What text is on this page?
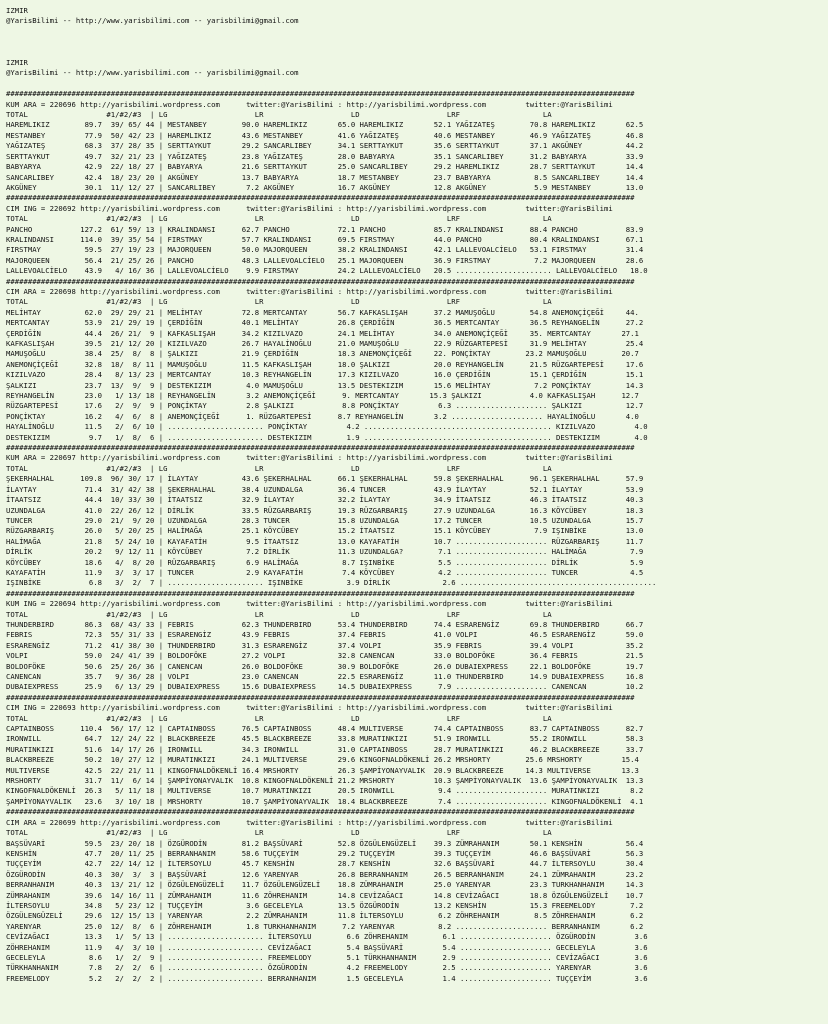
IZMIR
@YarisBilimi -- http://www.yarisbilimi.com -- yarisbilimi@gmail.com
IZMIR
@YarisBilimi -- http://www.yarisbilimi.com -- yarisbilimi@gmail.com
################################################################################################################################################
KUM ARA = 220696 http://yarisbilimi.wordpress.com      twitter:@YarisBilimi : http://yarisbilimi.wordpress.com         twitter:@YarisBilimi
TOTAL                  #1/#2/#3  | LG                    LR                    LD                    LRF                   LA
HAREMLIKIZ        89.7  39/ 65/ 44 | MESTANBEY        90.0 HAREMLIKIZ       65.0 HAREMLIKIZ       52.1 YAĞIZATEŞ        70.8 HAREMLIKIZ       62.5
MESTANBEY         77.9  50/ 42/ 23 | HAREMLIKIZ       43.6 MESTANBEY        41.6 YAĞIZATEŞ        40.6 MESTANBEY        46.9 YAĞIZATEŞ        46.8
YAĞIZATEŞ         68.3  37/ 28/ 35 | SERTTAYKUT       29.2 SANCARLIBEY      34.1 SERTTAYKUT       35.6 SERTTAYKUT       37.1 AKGÜNEY          44.2
SERTTAYKUT        49.7  32/ 21/ 23 | YAĞIZATEŞ        23.8 YAĞIZATEŞ        28.0 BABYARYA         35.1 SANCARLIBEY      31.2 BABYARYA         33.9
BABYARYA          42.9  22/ 18/ 27 | BABYARYA         21.6 SERTTAYKUT       25.0 SANCARLIBEY      29.2 HAREMLIKIZ       28.7 SERTTAYKUT       14.4
SANCARLIBEY       42.4  18/ 23/ 20 | AKGÜNEY          13.7 BABYARYA         18.7 MESTANBEY        23.7 BABYARYA          8.5 SANCARLIBEY      14.4
AKGÜNEY           30.1  11/ 12/ 27 | SANCARLIBEY       7.2 AKGÜNEY          16.7 AKGÜNEY          12.8 AKGÜNEY           5.9 MESTANBEY        13.0
################################################################################################################################################
CIM ING = 220692 http://yarisbilimi.wordpress.com      twitter:@YarisBilimi : http://yarisbilimi.wordpress.com         twitter:@YarisBilimi
TOTAL                  #1/#2/#3  | LG                    LR                    LD                    LRF                   LA
PANCHO           127.2  61/ 59/ 13 | KRALINDANSI      62.7 PANCHO           72.1 PANCHO           85.7 KRALINDANSI      88.4 PANCHO           83.9
KRALINDANSI      114.0  39/ 35/ 54 | FIRSTMAY         57.7 KRALINDANSI      69.5 FIRSTMAY         44.0 PANCHO           80.4 KRALINDANSI      67.1
FIRSTMAY          59.5  27/ 19/ 23 | MAJORQUEEN       50.0 MAJORQUEEN       38.2 KRALINDANSI      42.1 LALLEVOALCİELO   53.1 FIRSTMAY         31.4
MAJORQUEEN        56.4  21/ 25/ 26 | PANCHO           48.3 LALLEVOALCİELO   25.1 MAJORQUEEN       36.9 FIRSTMAY          7.2 MAJORQUEEN       28.6
LALLEVOALCİELO    43.9   4/ 16/ 36 | LALLEVOALCİELO    9.9 FIRSTMAY         24.2 LALLEVOALCİELO   20.5 ...................... LALLEVOALCİELO   18.0
################################################################################################################################################
CIM ARA = 220698 http://yarisbilimi.wordpress.com      twitter:@YarisBilimi : http://yarisbilimi.wordpress.com         twitter:@YarisBilimi
TOTAL                  #1/#2/#3  | LG                    LR                    LD                    LRF                   LA
MELİHTAY          62.0  29/ 29/ 21 | MELİHTAY         72.8 MERTCANTAY       56.7 KAFKASLIŞAH      37.2 MAMUŞOĞLU        54.8 ANEMONÇİÇEĞİ     44.
MERTCANTAY        53.9  21/ 29/ 19 | ÇERDİĞİN         40.1 MELİHTAY         26.8 ÇERDİĞİN         36.5 MERTCANTAY       36.5 REYHANGELİN      27.2
ÇERDİĞİN          44.4  26/ 21/  9 | KAFKASLIŞAH      34.2 KIZILVAZO        24.1 MELİHTAY         34.0 ANEMONÇİÇEĞİ     35. MERTCANTAY       27.1
KAFKASLIŞAH       39.5  21/ 12/ 20 | KIZILVAZO        26.7 HAYALİNOĞLU      21.0 MAMUŞOĞLU        22.9 RÜZGARTEPESİ     31.9 MELİHTAY         25.4
MAMUŞOĞLU         38.4  25/  8/  8 | ŞALKIZI          21.9 ÇERDİĞİN         18.3 ANEMONÇİÇEĞİ     22. PONÇİKTAY        23.2 MAMUŞOĞLU        20.7
ANEMONÇİÇEĞİ      32.8  18/  8/ 11 | MAMUŞOĞLU        11.5 KAFKASLIŞAH      18.0 ŞALKIZI          20.0 REYHANGELİN      21.5 RÜZGARTEPESİ     17.6
KIZILVAZO         28.4   8/ 13/ 23 | MERTCANTAY       10.3 REYHANGELİN      17.3 KIZILVAZO        16.0 ÇERDİĞİN         15.1 ÇERDİĞİN         15.1
ŞALKIZI           23.7  13/  9/  9 | DESTEKIZIM        4.0 MAMUŞOĞLU        13.5 DESTEKIZIM       15.6 MELİHTAY          7.2 PONÇİKTAY        14.3
REYHANGELİN       23.0   1/ 13/ 18 | REYHANGELİN       3.2 ANEMONÇİÇEĞİ      9. MERTCANTAY       15.3 ŞALKIZI           4.0 KAFKASLIŞAH      12.7
RÜZGARTEPESİ      17.6   2/  9/  9 | PONÇİKTAY         2.8 ŞALKIZI           8.8 PONÇİKTAY         6.3 ..................... ŞALKIZI          12.7
PONÇİKTAY         16.2   4/  6/  8 | ANEMONÇİÇEĞİ      1. RÜZGARTEPESİ      8.7 REYHANGELİN       3.2 ..................... HAYALİNOĞLU       4.0
HAYALİNOĞLU       11.5   2/  6/ 10 | ...................... PONÇİKTAY         4.2 ........................................... KIZILVAZO         4.0
DESTEKIZIM         9.7   1/  8/  6 | ...................... DESTEKIZIM        1.9 ........................................... DESTEKIZIM        4.0
################################################################################################################################################
KUM ARA = 220697 http://yarisbilimi.wordpress.com      twitter:@YarisBilimi : http://yarisbilimi.wordpress.com         twitter:@YarisBilimi
TOTAL                  #1/#2/#3  | LG                    LR                    LD                    LRF                   LA
ŞEKERHALHAL      109.8  96/ 30/ 17 | İLAYTAY          43.6 ŞEKERHALHAL      66.1 ŞEKERHALHAL      59.8 ŞEKERHALHAL      96.1 ŞEKERHALHAL      57.9
İLAYTAY           71.4  31/ 42/ 38 | ŞEKERHALHAL      38.4 UZUNDALGA        36.4 TUNCER           43.9 İLAYTAY          52.1 İLAYTAY          53.9
İTAATSIZ          44.4  10/ 33/ 30 | İTAATSIZ         32.9 İLAYTAY          32.2 İLAYTAY          34.9 İTAATSIZ         46.3 İTAATSIZ         40.3
UZUNDALGA         41.0  22/ 26/ 12 | DİRLİK           33.5 RÜZGARBARIŞ      19.3 RÜZGARBARIŞ      27.9 UZUNDALGA        16.3 KÖYCÜBEY         18.3
TUNCER            29.0  21/  9/ 20 | UZUNDALGA        28.3 TUNCER           15.8 UZUNDALGA        17.2 TUNCER           10.5 UZUNDALGA        15.7
RÜZGARBARIŞ       26.0   5/ 20/ 25 | HALİMAĞA         25.1 KÖYCÜBEY         15.2 İTAATSIZ         15.1 KÖYCÜBEY          7.9 IŞINBİKE         13.0
HALİMAĞA          21.8   5/ 24/ 10 | KAYAFATİH         9.5 İTAATSIZ         13.0 KAYAFATİH        10.7 ..................... RÜZGARBARIŞ      11.7
DİRLİK            20.2   9/ 12/ 11 | KÖYCÜBEY          7.2 DİRLİK           11.3 UZUNDALGA?        7.1 ..................... HALİMAĞA          7.9
KÖYCÜBEY          18.6   4/  8/ 20 | RÜZGARBARIŞ       6.9 HALİMAĞA          8.7 IŞINBİKE          5.5 ..................... DİRLİK            5.9
KAYAFATİH         11.9   3/  3/ 17 | TUNCER            2.9 KAYAFATİH         7.4 KÖYCÜBEY          4.2 ..................... TUNCER            4.5
IŞINBİKE           6.8   3/  2/  7 | ...................... IŞINBİKE          3.9 DİRLİK            2.6 .............................................
################################################################################################################################################
KUM ING = 220694 http://yarisbilimi.wordpress.com      twitter:@YarisBilimi : http://yarisbilimi.wordpress.com         twitter:@YarisBilimi
TOTAL                  #1/#2/#3  | LG                    LR                    LD                    LRF                   LA
THUNDERBIRD       86.3  68/ 43/ 33 | FEBRIS           62.3 THUNDERBIRD      53.4 THUNDERBIRD      74.4 ESRARENGİZ       69.8 THUNDERBIRD      66.7
FEBRIS            72.3  55/ 31/ 33 | ESRARENGİZ       43.9 FEBRIS           37.4 FEBRIS           41.0 VOLPI            46.5 ESRARENGİZ       59.0
ESRARENGİZ        71.2  41/ 38/ 30 | THUNDERBIRD      31.3 ESRARENGİZ       37.4 VOLPI            35.9 FEBRIS           39.4 VOLPI            35.2
VOLPI             59.0  24/ 41/ 39 | BOLDOFÖKE        27.2 VOLPI            32.8 CANENCAN         33.0 BOLDOFÖKE        36.4 FEBRIS           21.5
BOLDOFÖKE         50.6  25/ 26/ 36 | CANENCAN         26.0 BOLDOFÖKE        30.9 BOLDOFÖKE        26.0 DUBAIEXPRESS     22.1 BOLDOFÖKE        19.7
CANENCAN          35.7   9/ 36/ 28 | VOLPI            23.0 CANENCAN         22.5 ESRARENGİZ       11.0 THUNDERBIRD      14.9 DUBAIEXPRESS     16.8
DUBAIEXPRESS      25.9   6/ 13/ 29 | DUBAIEXPRESS     15.6 DUBAIEXPRESS     14.5 DUBAIEXPRESS      7.9 ..................... CANENCAN         10.2
################################################################################################################################################
CIM ING = 220693 http://yarisbilimi.wordpress.com      twitter:@YarisBilimi : http://yarisbilimi.wordpress.com         twitter:@YarisBilimi
TOTAL                  #1/#2/#3  | LG                    LR                    LD                    LRF                   LA
CAPTAINBOSS      110.4  56/ 17/ 12 | CAPTAINBOSS      76.5 CAPTAINBOSS      48.4 MULTIVERSE       74.4 CAPTAINBOSS      83.7 CAPTAINBOSS      82.7
IRONWILL          64.7  12/ 24/ 22 | BLACKBREEZE      45.5 BLACKBREEZE      33.8 MURATINKIZI      51.9 IRONWILL         55.2 IRONWILL         58.3
MURATINKIZI       51.6  14/ 17/ 26 | IRONWILL         34.3 IRONWILL         31.0 CAPTAINBOSS      28.7 MURATINKIZI      46.2 BLACKBREEZE      33.7
BLACKBREEZE       50.2  10/ 27/ 12 | MURATINKIZI      24.1 MULTIVERSE       29.6 KINGOFNALDÖKENLİ 26.2 MRSHORTY        25.6 MRSHORTY         15.4
MULTIVERSE        42.5  22/ 21/ 11 | KINGOFNALDÖKENLİ 16.4 MRSHORTY         26.3 ŞAMPİYONAYVALIK  20.9 BLACKBREEZE     14.3 MULTIVERSE       13.3
MRSHORTY          31.7  11/  6/ 14 | ŞAMPİYONAYVALIK  10.8 KINGOFNALDÖKENLİ 21.2 MRSHORTY         10.3 ŞAMPİYONAYVALIK  13.6 ŞAMPİYONAYVALIK  13.3
KINGOFNALDÖKENLİ  26.3   5/ 11/ 18 | MULTIVERSE       10.7 MURATINKIZI      20.5 IRONWILL          9.4 ..................... MURATINKIZI       8.2
ŞAMPİYONAYVALIK   23.6   3/ 10/ 18 | MRSHORTY         10.7 ŞAMPİYONAYVALIK  18.4 BLACKBREEZE       7.4 ..................... KINGOFNALDÖKENLİ  4.1
################################################################################################################################################
CIM ARA = 220699 http://yarisbilimi.wordpress.com      twitter:@YarisBilimi : http://yarisbilimi.wordpress.com         twitter:@YarisBilimi
TOTAL                  #1/#2/#3  | LG                    LR                    LD                    LRF                   LA
BAŞSÜVARİ         59.5  23/ 20/ 18 | ÖZGÜRODİN        81.2 BAŞSÜVARİ        52.8 ÖZGÜLENGÜZELİ    39.3 ZÜMRAHANIM       50.1 KENSHİN          56.4
KENSHİN           47.7  20/ 11/ 25 | BERRANHANIM      58.6 TUÇÇEYİM         29.2 TUÇÇEYİM         39.3 TUÇÇEYİM         46.6 BAŞSÜVARİ        56.3
TUÇÇEYİM          42.7  22/ 14/ 12 | İLTERSOYLU       45.7 KENSHİN          28.7 KENSHİN          32.6 BAŞSÜVARİ        44.7 İLTERSOYLU       30.4
ÖZGÜRODİN         40.3  30/  3/  3 | BAŞSÜVARİ        12.6 YARENYAR         26.8 BERRANHANIM      26.5 BERRANHANIM      24.1 ZÜMRAHANIM       23.2
BERRANHANIM       40.3  13/ 21/ 12 | ÖZGÜLENGÜZELİ    11.7 ÖZGÜLENGÜZELİ    18.8 ZÜMRAHANIM       25.0 YARENYAR         23.3 TURKHANHANIM     14.3
ZÜMRAHANIM        39.6  14/ 16/ 11 | ZÜMRAHANIM       11.6 ZÖHREHANIM       14.8 CEVİZAĞACI       14.8 CEVİZAĞACI       18.8 ÖZGÜLENGÜZELİ    10.7
İLTERSOYLU        34.8   5/ 23/ 12 | TUÇÇEYİM          3.6 GECELEYLA        13.5 ÖZGÜRODİN        13.2 KENSHİN          15.3 FREEMELODY        7.2
ÖZGÜLENGÜZELİ     29.6  12/ 15/ 13 | YARENYAR          2.2 ZÜMRAHANIM       11.8 İLTERSOYLU        6.2 ZÖHREHANIM        8.5 ZÖHREHANIM        6.2
YARENYAR          25.0  12/  8/  6 | ZÖHREHANIM        1.8 TURKHANHANIM      7.2 YARENYAR          8.2 ..................... BERRANHANIM       6.2
CEVİZAĞACI        13.3   1/  5/ 13 | ...................... İLTERSOYLU        6.6 ZÖHREHANIM        6.1 ..................... ÖZGÜRODİN         3.6
ZÖHREHANIM        11.9   4/  3/ 10 | ...................... CEVİZAĞACI        5.4 BAŞSÜVARİ         5.4 ..................... GECELEYLA         3.6
GECELEYLA          8.6   1/  2/  9 | ...................... FREEMELODY        5.1 TÜRKHANHANIM      2.9 ..................... CEVİZAĞACI        3.6
TÜRKHANHANIM       7.8   2/  2/  6 | ...................... ÖZGÜRODİN         4.2 FREEMELODY        2.5 ..................... YARENYAR          3.6
FREEMELODY         5.2   2/  2/  2 | ...................... BERRANHANIM       1.5 GECELEYLA         1.4 ..................... TUÇÇEYİM          3.6
